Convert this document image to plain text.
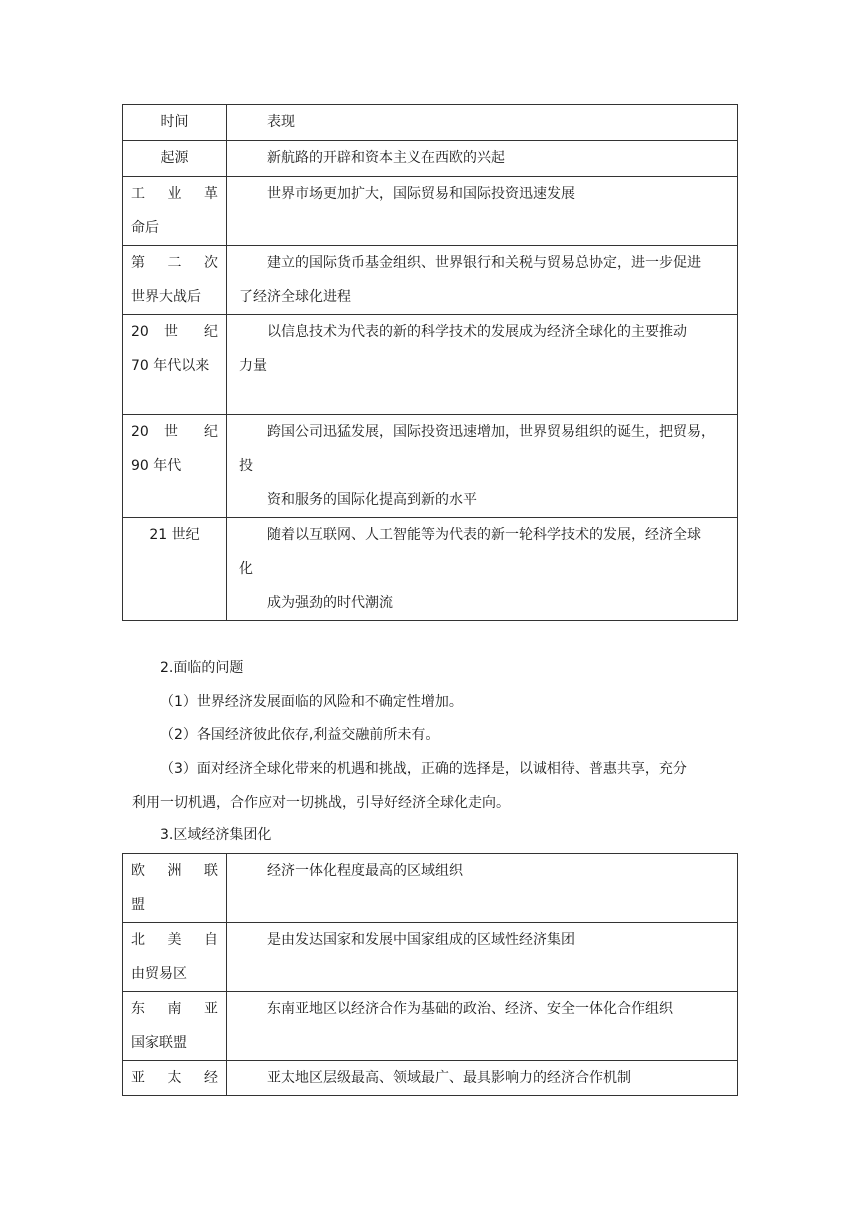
时间	表现

起源	新航路的开辟和资本主义在西欧的兴起

工 业 革
命后	世界市场更加扩大，国际贸易和国际投资迅速发展

第 二 次
世界大战后	建立的国际货币基金组织、世界银行和关税与贸易总协定，进一步促进
了经济全球化进程

20 世 纪
70 年代以来	以信息技术为代表的新的科学技术的发展成为经济全球化的主要推动
力量

20 世 纪
90 年代	跨国公司迅猛发展，国际投资迅速增加，世界贸易组织的诞生，把贸易，
投
资和服务的国际化提高到新的水平

21 世纪	随着以互联网、人工智能等为代表的新一轮科学技术的发展，经济全球
化
成为强劲的时代潮流
2.面临的问题
（1）世界经济发展面临的风险和不确定性增加。
（2）各国经济彼此依存,利益交融前所未有。
（3）面对经济全球化带来的机遇和挑战，正确的选择是，以诚相待、普惠共享，充分
利用一切机遇，合作应对一切挑战，引导好经济全球化走向。
3.区域经济集团化
欧 洲 联
盟	经济一体化程度最高的区域组织

北 美 自
由贸易区	是由发达国家和发展中国家组成的区域性经济集团

东 南 亚
国家联盟	东南亚地区以经济合作为基础的政治、经济、安全一体化合作组织

亚 太 经	亚太地区层级最高、领域最广、最具影响力的经济合作机制
